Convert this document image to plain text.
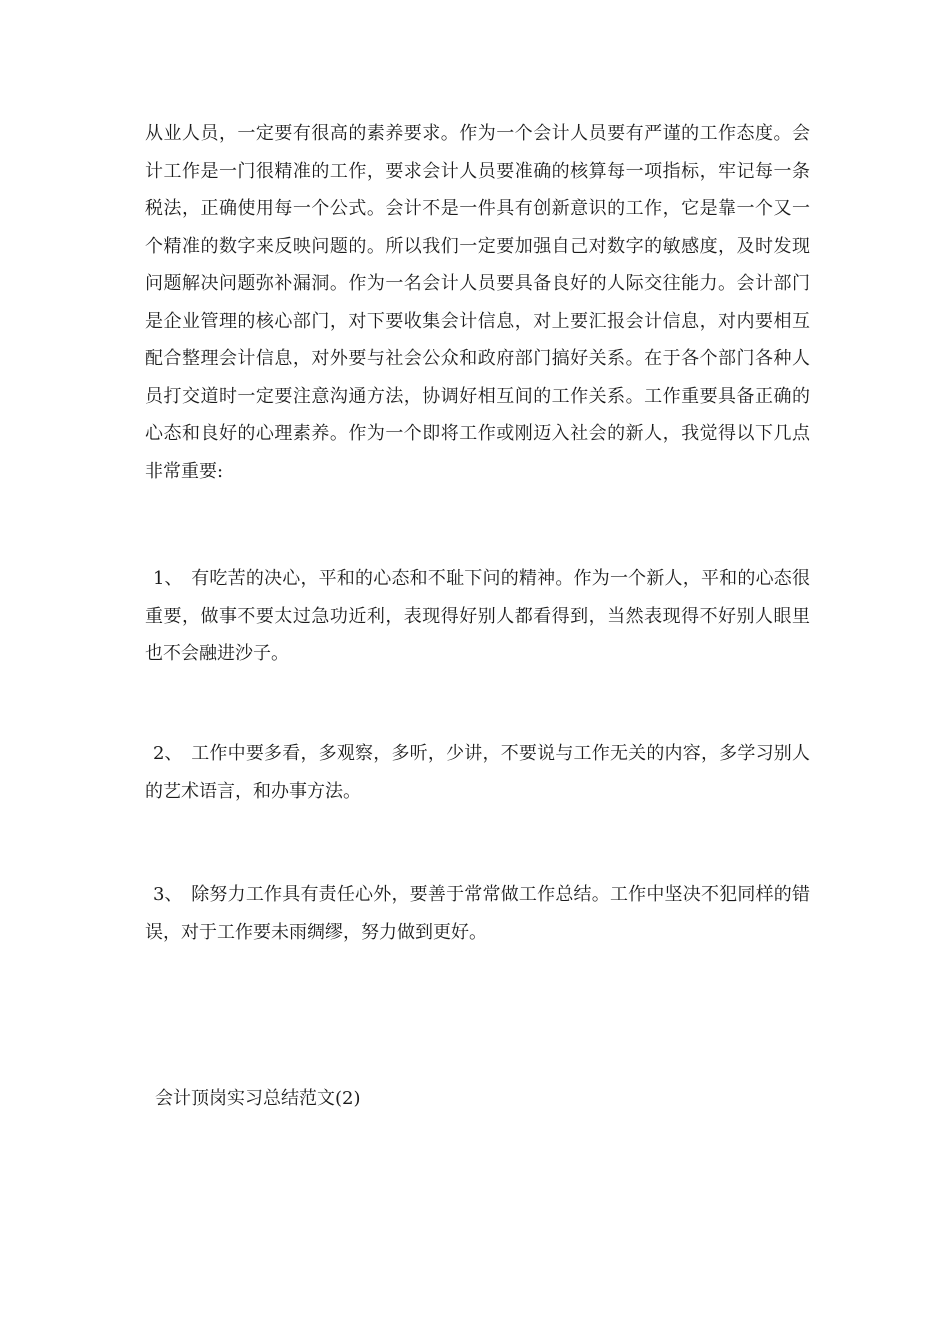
从业人员，一定要有很高的素养要求。作为一个会计人员要有严谨的工作态度。会计工作是一门很精准的工作，要求会计人员要准确的核算每一项指标，牢记每一条税法，正确使用每一个公式。会计不是一件具有创新意识的工作，它是靠一个又一个精准的数字来反映问题的。所以我们一定要加强自己对数字的敏感度，及时发现问题解决问题弥补漏洞。作为一名会计人员要具备良好的人际交往能力。会计部门是企业管理的核心部门，对下要收集会计信息，对上要汇报会计信息，对内要相互配合整理会计信息，对外要与社会公众和政府部门搞好关系。在于各个部门各种人员打交道时一定要注意沟通方法，协调好相互间的工作关系。工作重要具备正确的心态和良好的心理素养。作为一个即将工作或刚迈入社会的新人，我觉得以下几点非常重要:

1、 有吃苦的决心，平和的心态和不耻下问的精神。作为一个新人，平和的心态很重要，做事不要太过急功近利，表现得好别人都看得到，当然表现得不好别人眼里也不会融进沙子。

2、 工作中要多看，多观察，多听，少讲，不要说与工作无关的内容，多学习别人的艺术语言，和办事方法。

3、 除努力工作具有责任心外，要善于常常做工作总结。工作中坚决不犯同样的错误，对于工作要未雨绸缪，努力做到更好。

会计顶岗实习总结范文(2)
